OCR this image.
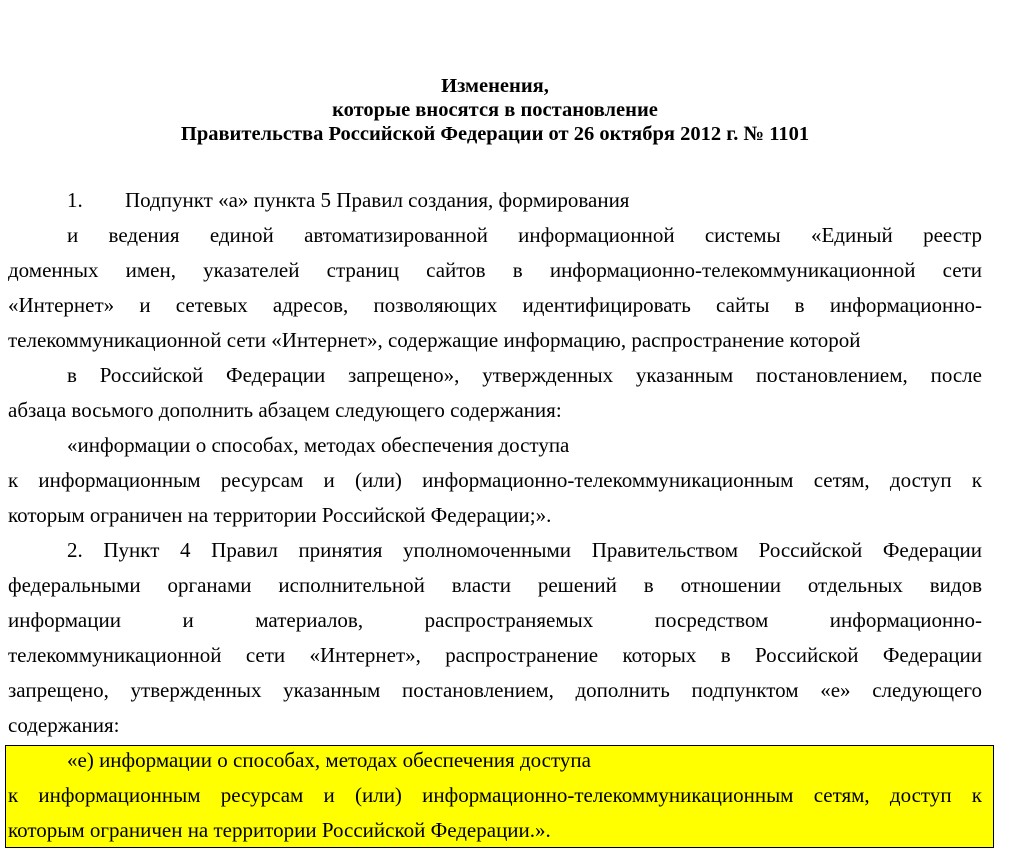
Изменения,
которые вносятся в постановление
Правительства Российской Федерации от 26 октября 2012 г. № 1101
1. Подпункт «а» пункта 5 Правил создания, формирования
и ведения единой автоматизированной информационной системы «Единый реестр
доменных имен, указателей страниц сайтов в информационно-телекоммуникационной сети
«Интернет» и сетевых адресов, позволяющих идентифицировать сайты в информационно-
телекоммуникационной сети «Интернет», содержащие информацию, распространение которой
в Российской Федерации запрещено», утвержденных указанным постановлением, после
абзаца восьмого дополнить абзацем следующего содержания:
«информации о способах, методах обеспечения доступа
к информационным ресурсам и (или) информационно-телекоммуникационным сетям, доступ к
которым ограничен на территории Российской Федерации;».
2. Пункт 4 Правил принятия уполномоченными Правительством Российской Федерации
федеральными органами исполнительной власти решений в отношении отдельных видов
информации и материалов, распространяемых посредством информационно-
телекоммуникационной сети «Интернет», распространение которых в Российской Федерации
запрещено, утвержденных указанным постановлением, дополнить подпунктом «е» следующего
содержания:
«е) информации о способах, методах обеспечения доступа
к информационным ресурсам и (или) информационно-телекоммуникационным сетям, доступ к
которым ограничен на территории Российской Федерации.».
